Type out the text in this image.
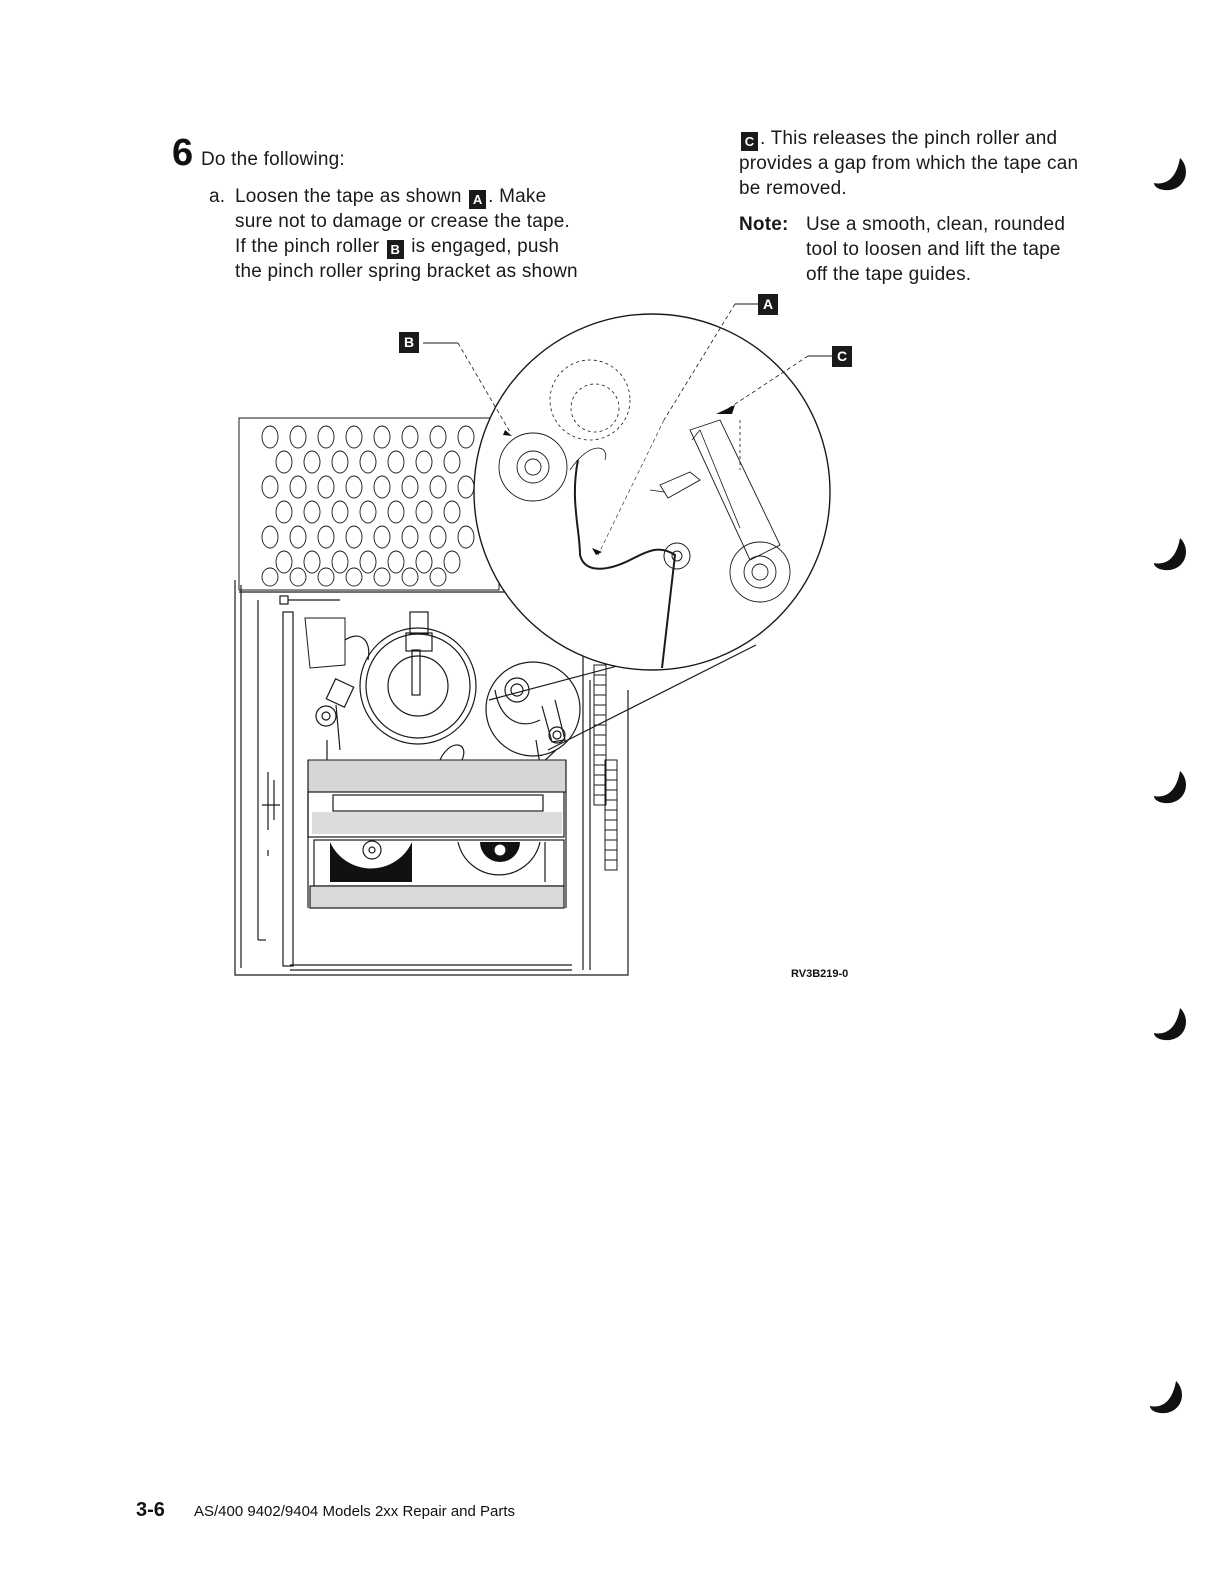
6 Do the following:
a. Loosen the tape as shown A . Make
sure not to damage or crease the tape.
If the pinch roller B is engaged, push
the pinch roller spring bracket as shown
C . This releases the pinch roller and
provides a gap from which the tape can
be removed.
Note: Use a smooth, clean, rounded
tool to loosen and lift the tape
off the tape guides.
A
B
C
RV3B219-0
3-6 AS/400 9402/9404 Models 2xx Repair and Parts
